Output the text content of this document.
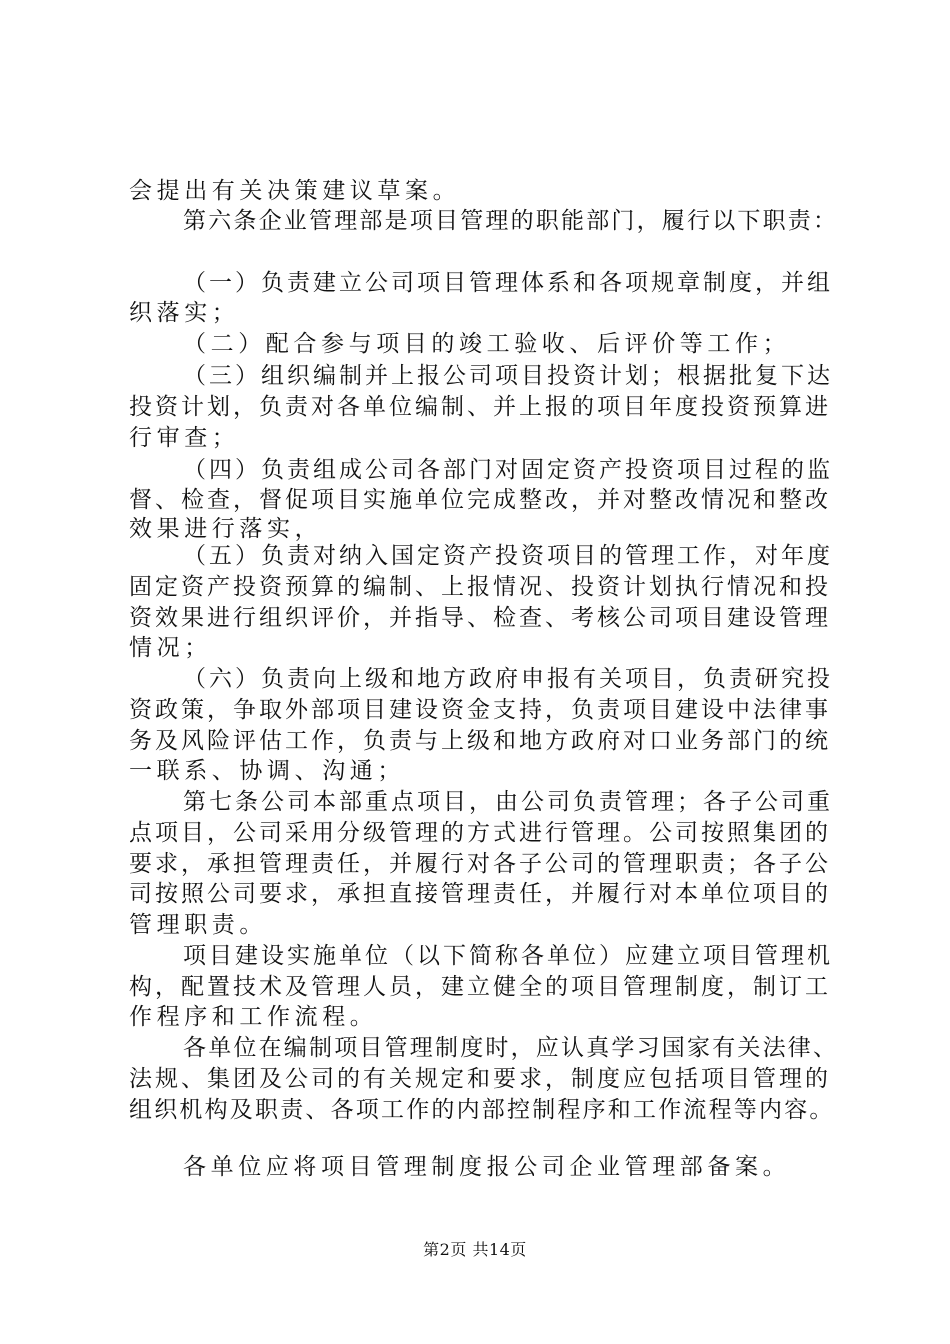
会提出有关决策建议草案。
第六条企业管理部是项目管理的职能部门，履行以下职责：
（一）负责建立公司项目管理体系和各项规章制度，并组
织落实；
（二）配合参与项目的竣工验收、后评价等工作；
（三）组织编制并上报公司项目投资计划；根据批复下达
投资计划，负责对各单位编制、并上报的项目年度投资预算进
行审查；
（四）负责组成公司各部门对固定资产投资项目过程的监
督、检查，督促项目实施单位完成整改，并对整改情况和整改
效果进行落实，
（五）负责对纳入国定资产投资项目的管理工作，对年度
固定资产投资预算的编制、上报情况、投资计划执行情况和投
资效果进行组织评价，并指导、检查、考核公司项目建设管理
情况；
（六）负责向上级和地方政府申报有关项目，负责研究投
资政策，争取外部项目建设资金支持，负责项目建设中法律事
务及风险评估工作，负责与上级和地方政府对口业务部门的统
一联系、协调、沟通；
第七条公司本部重点项目，由公司负责管理；各子公司重
点项目，公司采用分级管理的方式进行管理。公司按照集团的
要求，承担管理责任，并履行对各子公司的管理职责；各子公
司按照公司要求，承担直接管理责任，并履行对本单位项目的
管理职责。
项目建设实施单位（以下简称各单位）应建立项目管理机
构，配置技术及管理人员，建立健全的项目管理制度，制订工
作程序和工作流程。
各单位在编制项目管理制度时，应认真学习国家有关法律、
法规、集团及公司的有关规定和要求，制度应包括项目管理的
组织机构及职责、各项工作的内部控制程序和工作流程等内容。
各单位应将项目管理制度报公司企业管理部备案。
第2页 共14页
